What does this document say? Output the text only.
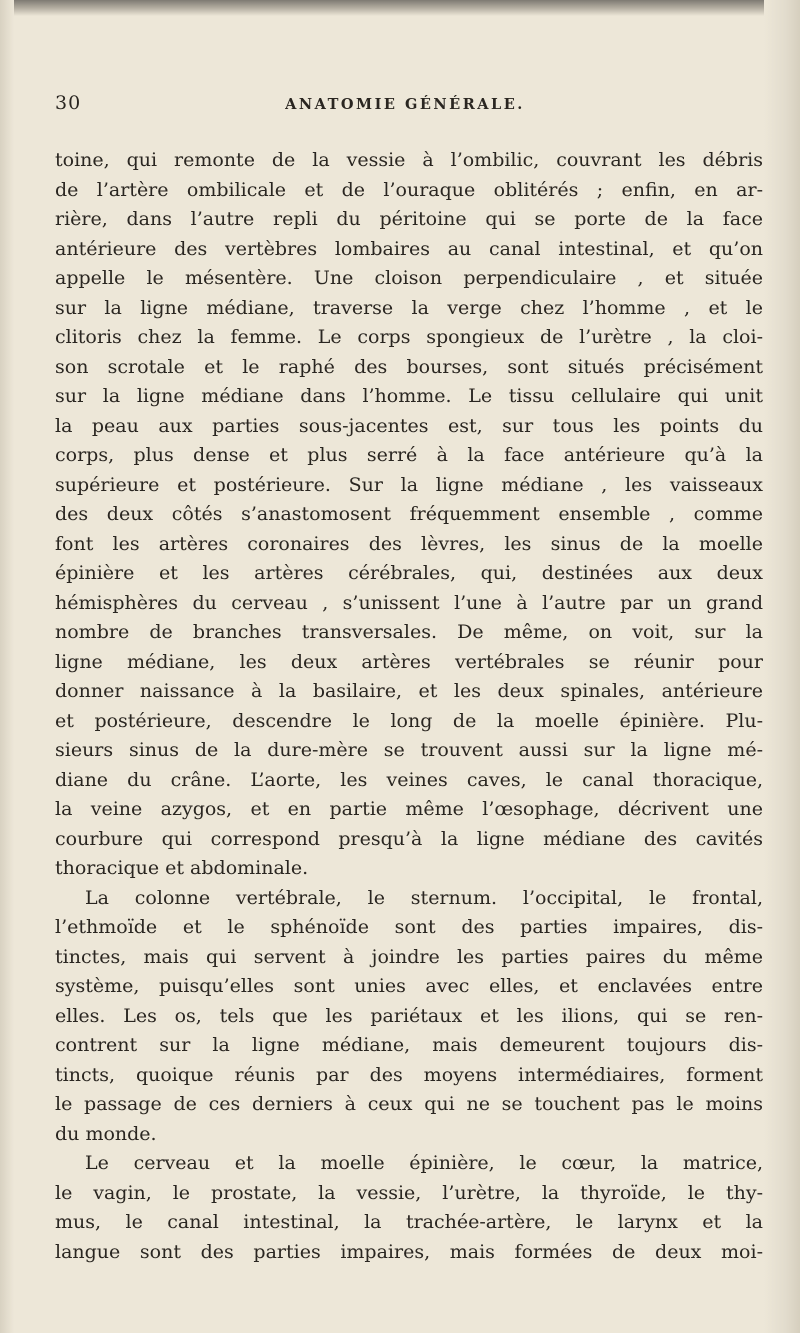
30	ANATOMIE GÉNÉRALE.
toine, qui remonte de la vessie à l’ombilic, couvrant les débris
de l’artère ombilicale et de l’ouraque oblitérés ; enfin, en ar-
rière, dans l’autre repli du péritoine qui se porte de la face
antérieure des vertèbres lombaires au canal intestinal, et qu’on
appelle le mésentère. Une cloison perpendiculaire , et située
sur la ligne médiane, traverse la verge chez l’homme , et le
clitoris chez la femme. Le corps spongieux de l’urètre , la cloi-
son scrotale et le raphé des bourses, sont situés précisément
sur la ligne médiane dans l’homme. Le tissu cellulaire qui unit
la peau aux parties sous-jacentes est, sur tous les points du
corps, plus dense et plus serré à la face antérieure qu’à la
supérieure et postérieure. Sur la ligne médiane , les vaisseaux
des deux côtés s’anastomosent fréquemment ensemble , comme
font les artères coronaires des lèvres, les sinus de la moelle
épinière et les artères cérébrales, qui, destinées aux deux
hémisphères du cerveau , s’unissent l’une à l’autre par un grand
nombre de branches transversales. De même, on voit, sur la
ligne médiane, les deux artères vertébrales se réunir pour
donner naissance à la basilaire, et les deux spinales, antérieure
et postérieure, descendre le long de la moelle épinière. Plu-
sieurs sinus de la dure-mère se trouvent aussi sur la ligne mé-
diane du crâne. L’aorte, les veines caves, le canal thoracique,
la veine azygos, et en partie même l’œsophage, décrivent une
courbure qui correspond presqu’à la ligne médiane des cavités
thoracique et abdominale.
La colonne vertébrale, le sternum. l’occipital, le frontal,
l’ethmoïde et le sphénoïde sont des parties impaires, dis-
tinctes, mais qui servent à joindre les parties paires du même
système, puisqu’elles sont unies avec elles, et enclavées entre
elles. Les os, tels que les pariétaux et les ilions, qui se ren-
contrent sur la ligne médiane, mais demeurent toujours dis-
tincts, quoique réunis par des moyens intermédiaires, forment
le passage de ces derniers à ceux qui ne se touchent pas le moins
du monde.
Le cerveau et la moelle épinière, le cœur, la matrice,
le vagin, le prostate, la vessie, l’urètre, la thyroïde, le thy-
mus, le canal intestinal, la trachée-artère, le larynx et la
langue sont des parties impaires, mais formées de deux moi-
